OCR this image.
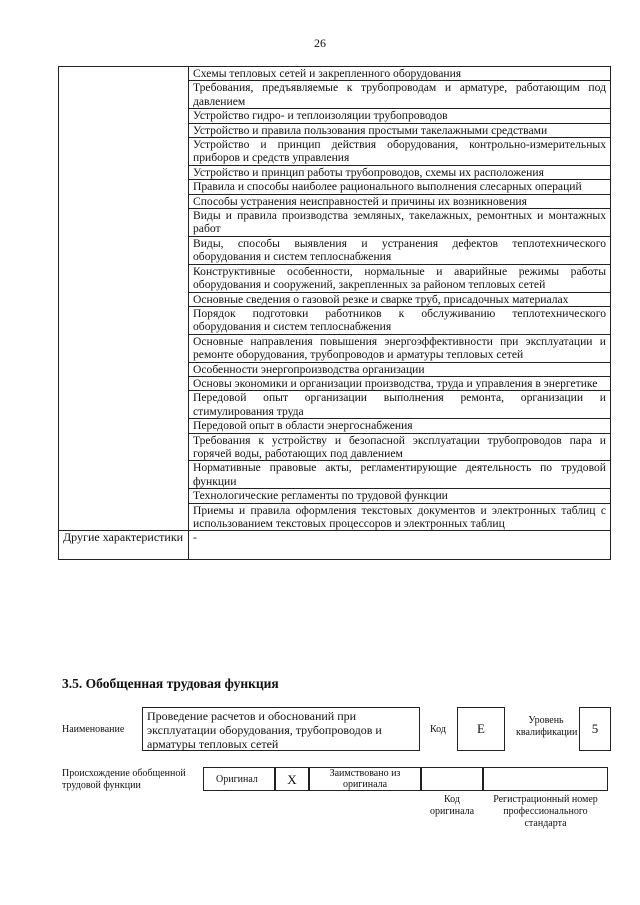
26
	Схемы тепловых сетей и закрепленного оборудования
	Требования, предъявляемые к трубопроводам и арматуре, работающим под давлением
	Устройство гидро- и теплоизоляции трубопроводов
	Устройство и правила пользования простыми такелажными средствами
	Устройство и принцип действия оборудования, контрольно-измерительных приборов и средств управления
	Устройство и принцип работы трубопроводов, схемы их расположения
	Правила и способы наиболее рационального выполнения слесарных операций
	Способы устранения неисправностей и причины их возникновения
	Виды и правила производства земляных, такелажных, ремонтных и монтажных работ
	Виды, способы выявления и устранения дефектов теплотехнического оборудования и систем теплоснабжения
	Конструктивные особенности, нормальные и аварийные режимы работы оборудования и сооружений, закрепленных за районом тепловых сетей
	Основные сведения о газовой резке и сварке труб, присадочных материалах
	Порядок подготовки работников к обслуживанию теплотехнического оборудования и систем теплоснабжения
	Основные направления повышения энергоэффективности при эксплуатации и ремонте оборудования, трубопроводов и арматуры тепловых сетей
	Особенности энергопроизводства организации
	Основы экономики и организации производства, труда и управления в энергетике
	Передовой опыт организации выполнения ремонта, организации и стимулирования труда
	Передовой опыт в области энергоснабжения
	Требования к устройству и безопасной эксплуатации трубопроводов пара и горячей воды, работающих под давлением
	Нормативные правовые акты, регламентирующие деятельность по трудовой функции
	Технологические регламенты по трудовой функции
	Приемы и правила оформления текстовых документов и электронных таблиц с использованием текстовых процессоров и электронных таблиц
Другие характеристики	-
3.5. Обобщенная трудовая функция
Наименование
Проведение расчетов и обоснований при эксплуатации оборудования, трубопроводов и арматуры тепловых сетей
Код	E
Уровень квалификации	5
Происхождение обобщенной трудовой функции
Оригинал	X	Заимствовано из оригинала
Код оригинала
Регистрационный номер профессионального стандарта
